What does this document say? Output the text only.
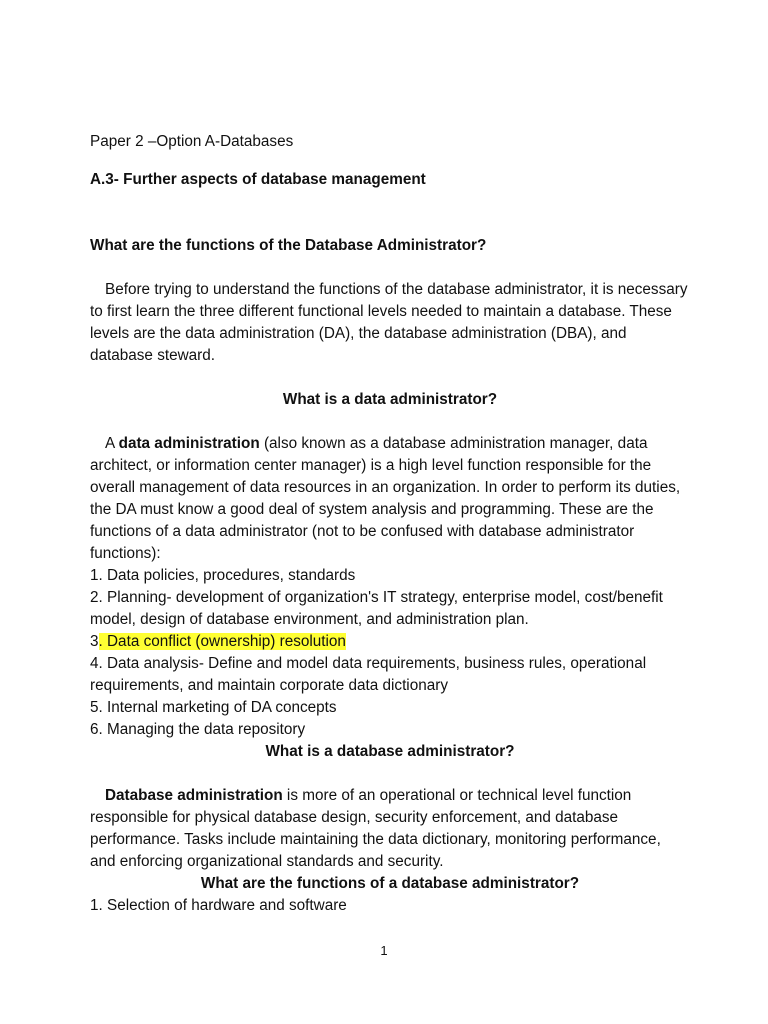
Paper 2 –Option A-Databases

A.3- Further aspects of database management

What are the functions of the Database Administrator?

Before trying to understand the functions of the database administrator, it is necessary to first learn the three different functional levels needed to maintain a database. These levels are the data administration (DA), the database administration (DBA), and database steward.

What is a data administrator?

A data administration (also known as a database administration manager, data architect, or information center manager) is a high level function responsible for the overall management of data resources in an organization. In order to perform its duties, the DA must know a good deal of system analysis and programming. These are the functions of a data administrator (not to be confused with database administrator functions):

1. Data policies, procedures, standards
2. Planning- development of organization's IT strategy, enterprise model, cost/benefit model, design of database environment, and administration plan.
3. Data conflict (ownership) resolution
4. Data analysis- Define and model data requirements, business rules, operational requirements, and maintain corporate data dictionary
5. Internal marketing of DA concepts
6. Managing the data repository

What is a database administrator?

Database administration is more of an operational or technical level function responsible for physical database design, security enforcement, and database performance. Tasks include maintaining the data dictionary, monitoring performance, and enforcing organizational standards and security.

What are the functions of a database administrator?

1. Selection of hardware and software
1
